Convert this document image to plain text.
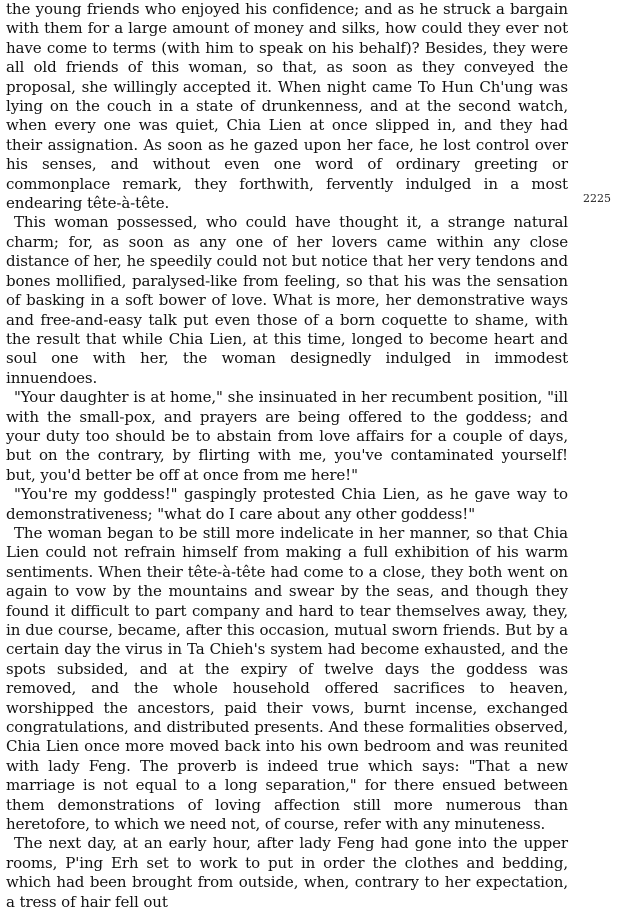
the young friends who enjoyed his confidence; and as he struck a bargain with them for a large amount of money and silks, how could they ever not have come to terms (with him to speak on his behalf)? Besides, they were all old friends of this woman, so that, as soon as they conveyed the proposal, she willingly accepted it. When night came To Hun Ch'ung was lying on the couch in a state of drunkenness, and at the second watch, when every one was quiet, Chia Lien at once slipped in, and they had their assignation. As soon as he gazed upon her face, he lost control over his senses, and without even one word of ordinary greeting or commonplace remark, they forthwith, fervently indulged in a most endearing tête-à-tête.

This woman possessed, who could have thought it, a strange natural charm; for, as soon as any one of her lovers came within any close distance of her, he speedily could not but notice that her very tendons and bones mollified, paralysed-like from feeling, so that his was the sensation of basking in a soft bower of love. What is more, her demonstrative ways and free-and-easy talk put even those of a born coquette to shame, with the result that while Chia Lien, at this time, longed to become heart and soul one with her, the woman designedly indulged in immodest innuendoes.

"Your daughter is at home," she insinuated in her recumbent position, "ill with the small-pox, and prayers are being offered to the goddess; and your duty too should be to abstain from love affairs for a couple of days, but on the contrary, by flirting with me, you've contaminated yourself! but, you'd better be off at once from me here!"

"You're my goddess!" gaspingly protested Chia Lien, as he gave way to demonstrativeness; "what do I care about any other goddess!"

The woman began to be still more indelicate in her manner, so that Chia Lien could not refrain himself from making a full exhibition of his warm sentiments. When their tête-à-tête had come to a close, they both went on again to vow by the mountains and swear by the seas, and though they found it difficult to part company and hard to tear themselves away, they, in due course, became, after this occasion, mutual sworn friends. But by a certain day the virus in Ta Chieh's system had become exhausted, and the spots subsided, and at the expiry of twelve days the goddess was removed, and the whole household offered sacrifices to heaven, worshipped the ancestors, paid their vows, burnt incense, exchanged congratulations, and distributed presents. And these formalities observed, Chia Lien once more moved back into his own bedroom and was reunited with lady Feng. The proverb is indeed true which says: "That a new marriage is not equal to a long separation," for there ensued between them demonstrations of loving affection still more numerous than heretofore, to which we need not, of course, refer with any minuteness.

The next day, at an early hour, after lady Feng had gone into the upper rooms, P'ing Erh set to work to put in order the clothes and bedding, which had been brought from outside, when, contrary to her expectation, a tress of hair fell out

2225
